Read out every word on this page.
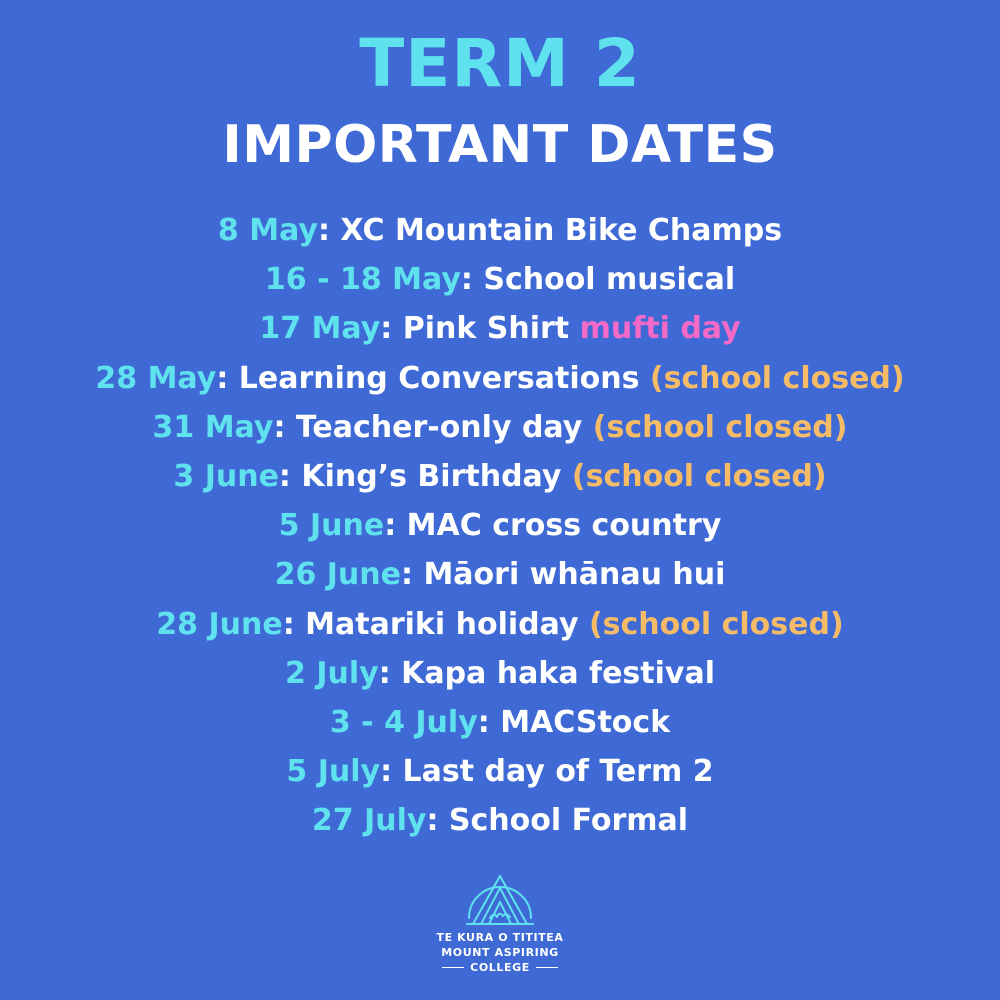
TERM 2
IMPORTANT DATES
8 May: XC Mountain Bike Champs
16 - 18 May: School musical
17 May: Pink Shirt mufti day
28 May: Learning Conversations (school closed)
31 May: Teacher-only day (school closed)
3 June: King’s Birthday (school closed)
5 June: MAC cross country
26 June: Māori whānau hui
28 June: Matariki holiday (school closed)
2 July: Kapa haka festival
3 - 4 July: MACStock
5 July: Last day of Term 2
27 July: School Formal
TE KURA O TITITEA
MOUNT ASPIRING
COLLEGE
